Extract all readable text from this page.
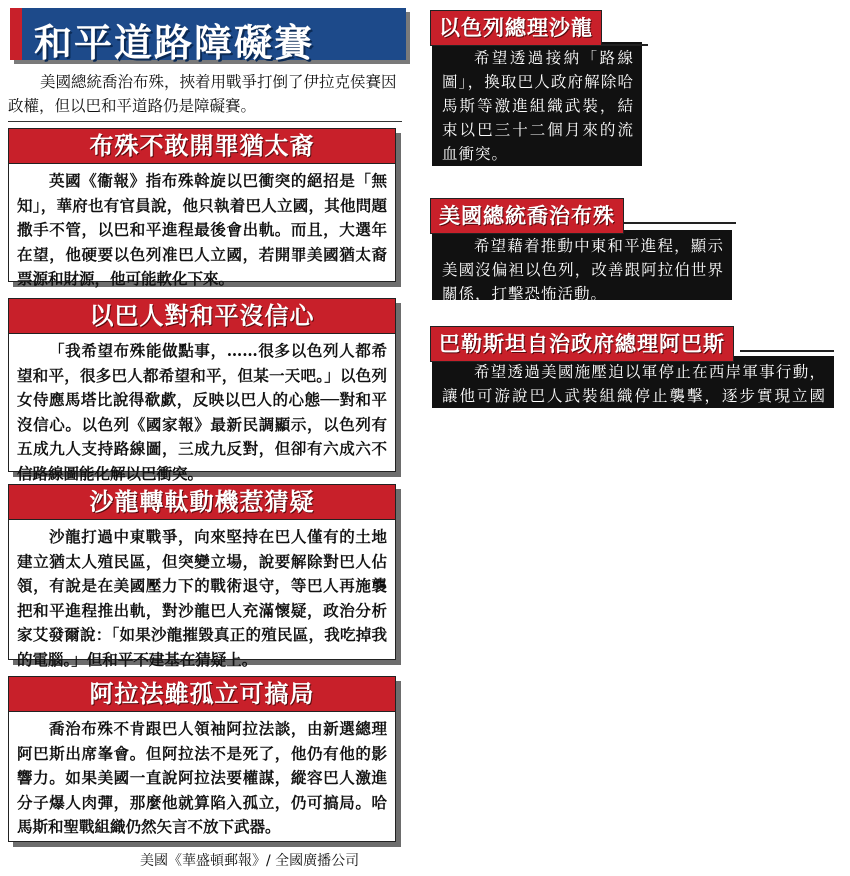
和平道路障礙賽
美國總統喬治布殊，挾着用戰爭打倒了伊拉克侯賽因政權，但以巴和平道路仍是障礙賽。
布殊不敢開罪猶太裔
英國《衞報》指布殊斡旋以巴衝突的絕招是「無知」，華府也有官員說，他只執着巴人立國，其他問題撒手不管，以巴和平進程最後會出軌。而且，大選年在望，他硬要以色列准巴人立國，若開罪美國猶太裔票源和財源，他可能軟化下來。
以巴人對和平沒信心
「我希望布殊能做點事，……很多以色列人都希望和平，很多巴人都希望和平，但某一天吧。」以色列女侍應馬塔比說得欷歔，反映以巴人的心態──對和平沒信心。以色列《國家報》最新民調顯示，以色列有五成九人支持路線圖，三成九反對，但卻有六成六不信路線圖能化解以巴衝突。
沙龍轉軚動機惹猜疑
沙龍打過中東戰爭，向來堅持在巴人僅有的土地建立猶太人殖民區，但突變立場，說要解除對巴人佔領，有說是在美國壓力下的戰術退守，等巴人再施襲把和平進程推出軌，對沙龍巴人充滿懷疑，政治分析家艾發爾說：「如果沙龍摧毀真正的殖民區，我吃掉我的電腦。」但和平不建基在猜疑上。
阿拉法雖孤立可搞局
喬治布殊不肯跟巴人領袖阿拉法談，由新選總理阿巴斯出席峯會。但阿拉法不是死了，他仍有他的影響力。如果美國一直說阿拉法要權謀，縱容巴人激進分子爆人肉彈，那麼他就算陷入孤立，仍可搞局。哈馬斯和聖戰組織仍然矢言不放下武器。
以色列總理沙龍
希望透過接納「路線圖」，換取巴人政府解除哈馬斯等激進組織武裝，結束以巴三十二個月來的流血衝突。
美國總統喬治布殊
希望藉着推動中東和平進程，顯示美國沒偏袒以色列，改善跟阿拉伯世界關係，打擊恐怖活動。
巴勒斯坦自治政府總理阿巴斯
希望透過美國施壓迫以軍停止在西岸軍事行動，讓他可游說巴人武裝組織停止襲擊，逐步實現立國夢。
美國《華盛頓郵報》/ 全國廣播公司
